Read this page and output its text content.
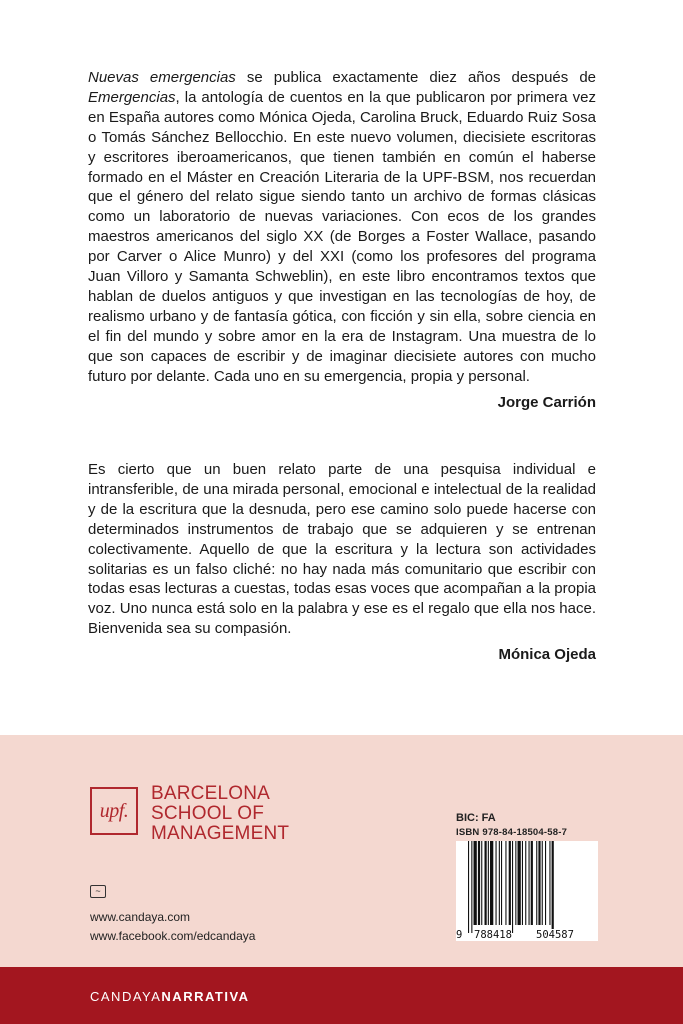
Nuevas emergencias se publica exactamente diez años después de Emergencias, la antología de cuentos en la que publicaron por primera vez en España autores como Mónica Ojeda, Carolina Bruck, Eduardo Ruiz Sosa o Tomás Sánchez Bellocchio. En este nuevo volumen, diecisiete escritoras y escritores iberoamericanos, que tienen también en común el haberse formado en el Máster en Creación Literaria de la UPF-BSM, nos recuerdan que el género del relato sigue siendo tanto un archivo de formas clásicas como un laboratorio de nuevas variaciones. Con ecos de los grandes maestros americanos del siglo XX (de Borges a Foster Wallace, pasando por Carver o Alice Munro) y del XXI (como los profesores del programa Juan Villoro y Samanta Schweblin), en este libro encontramos textos que hablan de duelos antiguos y que investigan en las tecnologías de hoy, de realismo urbano y de fantasía gótica, con ficción y sin ella, sobre ciencia en el fin del mundo y sobre amor en la era de Instagram. Una muestra de lo que son capaces de escribir y de imaginar diecisiete autores con mucho futuro por delante. Cada uno en su emergencia, propia y personal.

Jorge Carrión

Es cierto que un buen relato parte de una pesquisa individual e intransferible, de una mirada personal, emocional e intelectual de la realidad y de la escritura que la desnuda, pero ese camino solo puede hacerse con determinados instrumentos de trabajo que se adquieren y se entrenan colectivamente. Aquello de que la escritura y la lectura son actividades solitarias es un falso cliché: no hay nada más comunitario que escribir con todas esas lecturas a cuestas, todas esas voces que acompañan a la propia voz. Uno nunca está solo en la palabra y ese es el regalo que ella nos hace. Bienvenida sea su compasión.

Mónica Ojeda
upf.
BARCELONA
SCHOOL OF
MANAGEMENT
~
www.candaya.com
www.facebook.com/edcandaya
BIC: FA
ISBN 978-84-18504-58-7
9 788418 504587
CANDAYANARRATIVA
